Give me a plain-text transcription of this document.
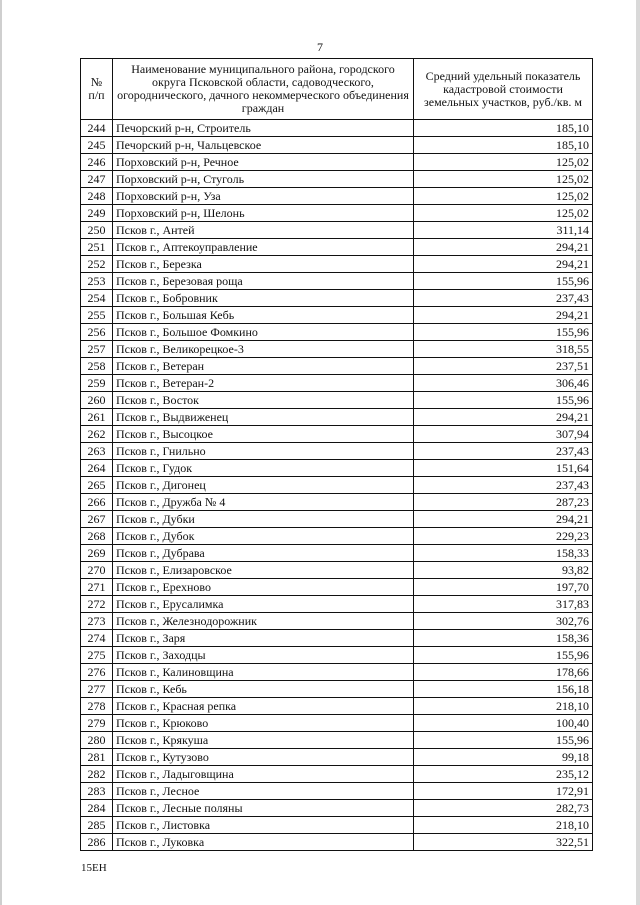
7
№
п/п	Наименование муниципального района, городского округа Псковской области, садоводческого, огороднического, дачного некоммерческого объединения граждан	Средний удельный показатель кадастровой стоимости земельных участков, руб./кв. м
244	Печорский р-н, Строитель	185,10
245	Печорский р-н, Чальцевское	185,10
246	Порховский р-н, Речное	125,02
247	Порховский р-н, Стуголь	125,02
248	Порховский р-н, Уза	125,02
249	Порховский р-н, Шелонь	125,02
250	Псков г., Антей	311,14
251	Псков г., Аптекоуправление	294,21
252	Псков г., Березка	294,21
253	Псков г., Березовая роща	155,96
254	Псков г., Бобровник	237,43
255	Псков г., Большая Кебь	294,21
256	Псков г., Большое Фомкино	155,96
257	Псков г., Великорецкое-3	318,55
258	Псков г., Ветеран	237,51
259	Псков г., Ветеран-2	306,46
260	Псков г., Восток	155,96
261	Псков г., Выдвиженец	294,21
262	Псков г., Высоцкое	307,94
263	Псков г., Гнильно	237,43
264	Псков г., Гудок	151,64
265	Псков г., Дигонец	237,43
266	Псков г., Дружба № 4	287,23
267	Псков г., Дубки	294,21
268	Псков г., Дубок	229,23
269	Псков г., Дубрава	158,33
270	Псков г., Елизаровское	93,82
271	Псков г., Ерехново	197,70
272	Псков г., Ерусалимка	317,83
273	Псков г., Железнодорожник	302,76
274	Псков г., Заря	158,36
275	Псков г., Заходцы	155,96
276	Псков г., Калиновщина	178,66
277	Псков г., Кебь	156,18
278	Псков г., Красная репка	218,10
279	Псков г., Крюково	100,40
280	Псков г., Крякуша	155,96
281	Псков г., Кутузово	99,18
282	Псков г., Ладыговщина	235,12
283	Псков г., Лесное	172,91
284	Псков г., Лесные поляны	282,73
285	Псков г., Листовка	218,10
286	Псков г., Луковка	322,51
15EH
